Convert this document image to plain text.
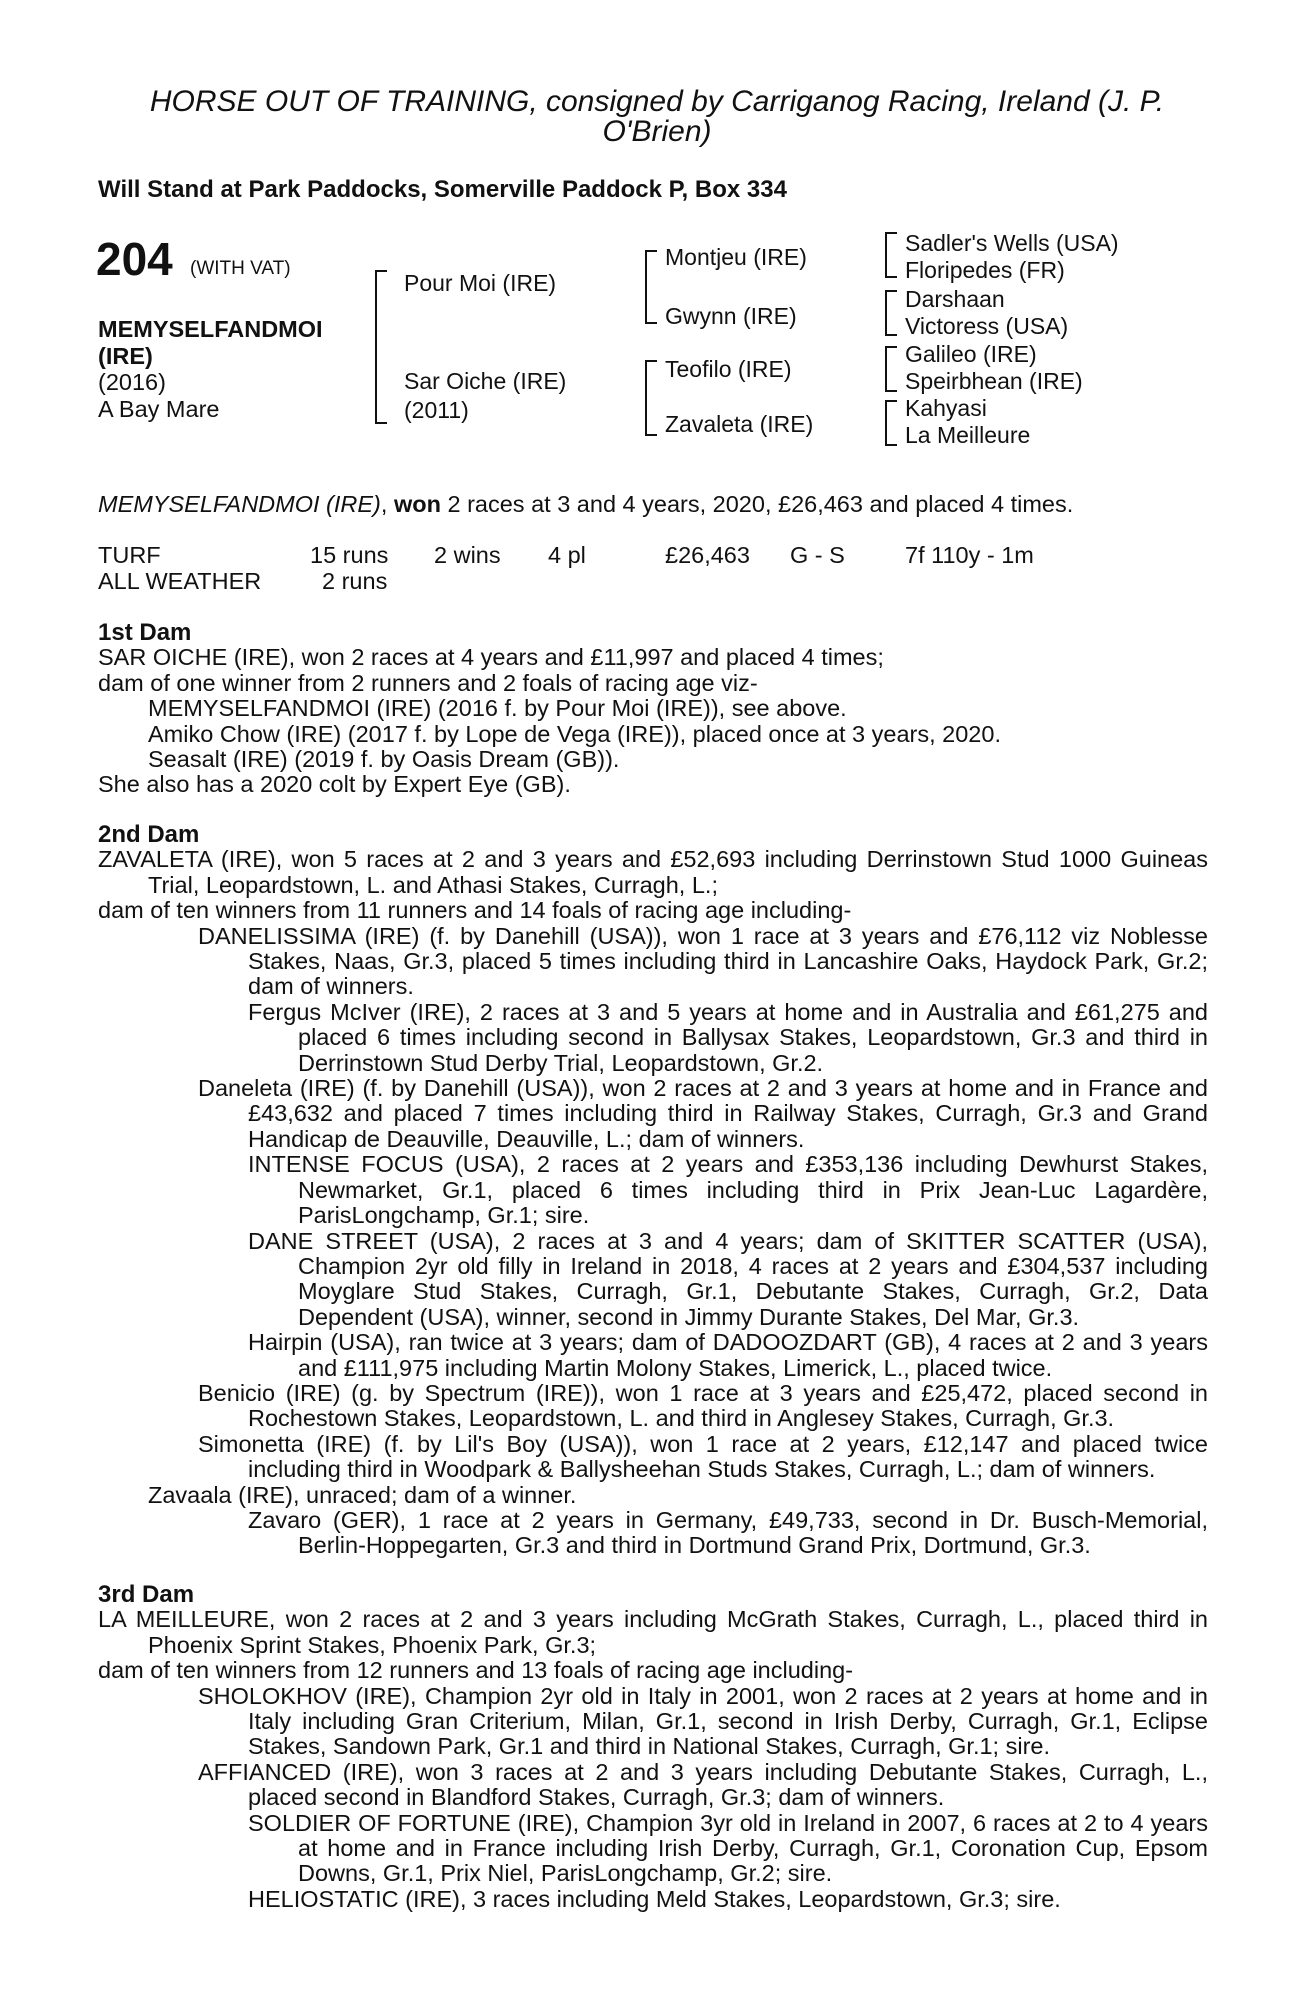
HORSE OUT OF TRAINING, consigned by Carriganog Racing, Ireland (J. P.
O'Brien)
Will Stand at Park Paddocks, Somerville Paddock P, Box 334
204 (WITH VAT)
MEMYSELFANDMOI
(IRE)
(2016)
A Bay Mare
Pour Moi (IRE)
Sar Oiche (IRE)
(2011)
Montjeu (IRE)
Gwynn (IRE)
Teofilo (IRE)
Zavaleta (IRE)
Sadler's Wells (USA)
Floripedes (FR)
Darshaan
Victoress (USA)
Galileo (IRE)
Speirbhean (IRE)
Kahyasi
La Meilleure
MEMYSELFANDMOI (IRE), won 2 races at 3 and 4 years, 2020, £26,463 and placed 4 times.
TURF	15 runs 2 wins 4 pl	£26,463 G - S	7f 110y - 1m
ALL WEATHER	2 runs

1st Dam

SAR OICHE (IRE), won 2 races at 4 years and £11,997 and placed 4 times;

dam of one winner from 2 runners and 2 foals of racing age viz-

MEMYSELFANDMOI (IRE) (2016 f. by Pour Moi (IRE)), see above.

Amiko Chow (IRE) (2017 f. by Lope de Vega (IRE)), placed once at 3 years, 2020.

Seasalt (IRE) (2019 f. by Oasis Dream (GB)).

She also has a 2020 colt by Expert Eye (GB).

2nd Dam

ZAVALETA (IRE), won 5 races at 2 and 3 years and £52,693 including Derrinstown Stud 1000 Guineas Trial, Leopardstown, L. and Athasi Stakes, Curragh, L.;

dam of ten winners from 11 runners and 14 foals of racing age including-

DANELISSIMA (IRE) (f. by Danehill (USA)), won 1 race at 3 years and £76,112 viz Noblesse Stakes, Naas, Gr.3, placed 5 times including third in Lancashire Oaks, Haydock Park, Gr.2; dam of winners.

Fergus McIver (IRE), 2 races at 3 and 5 years at home and in Australia and £61,275 and placed 6 times including second in Ballysax Stakes, Leopardstown, Gr.3 and third in Derrinstown Stud Derby Trial, Leopardstown, Gr.2.

Daneleta (IRE) (f. by Danehill (USA)), won 2 races at 2 and 3 years at home and in France and £43,632 and placed 7 times including third in Railway Stakes, Curragh, Gr.3 and Grand Handicap de Deauville, Deauville, L.; dam of winners.

INTENSE FOCUS (USA), 2 races at 2 years and £353,136 including Dewhurst Stakes, Newmarket, Gr.1, placed 6 times including third in Prix Jean-Luc Lagardère, ParisLongchamp, Gr.1; sire.

DANE STREET (USA), 2 races at 3 and 4 years; dam of SKITTER SCATTER (USA), Champion 2yr old filly in Ireland in 2018, 4 races at 2 years and £304,537 including Moyglare Stud Stakes, Curragh, Gr.1, Debutante Stakes, Curragh, Gr.2, Data Dependent (USA), winner, second in Jimmy Durante Stakes, Del Mar, Gr.3.

Hairpin (USA), ran twice at 3 years; dam of DADOOZDART (GB), 4 races at 2 and 3 years and £111,975 including Martin Molony Stakes, Limerick, L., placed twice.

Benicio (IRE) (g. by Spectrum (IRE)), won 1 race at 3 years and £25,472, placed second in Rochestown Stakes, Leopardstown, L. and third in Anglesey Stakes, Curragh, Gr.3.

Simonetta (IRE) (f. by Lil's Boy (USA)), won 1 race at 2 years, £12,147 and placed twice including third in Woodpark & Ballysheehan Studs Stakes, Curragh, L.; dam of winners.

Zavaala (IRE), unraced; dam of a winner.

Zavaro (GER), 1 race at 2 years in Germany, £49,733, second in Dr. Busch-Memorial, Berlin-Hoppegarten, Gr.3 and third in Dortmund Grand Prix, Dortmund, Gr.3.

3rd Dam

LA MEILLEURE, won 2 races at 2 and 3 years including McGrath Stakes, Curragh, L., placed third in Phoenix Sprint Stakes, Phoenix Park, Gr.3;

dam of ten winners from 12 runners and 13 foals of racing age including-

SHOLOKHOV (IRE), Champion 2yr old in Italy in 2001, won 2 races at 2 years at home and in Italy including Gran Criterium, Milan, Gr.1, second in Irish Derby, Curragh, Gr.1, Eclipse Stakes, Sandown Park, Gr.1 and third in National Stakes, Curragh, Gr.1; sire.

AFFIANCED (IRE), won 3 races at 2 and 3 years including Debutante Stakes, Curragh, L., placed second in Blandford Stakes, Curragh, Gr.3; dam of winners.

SOLDIER OF FORTUNE (IRE), Champion 3yr old in Ireland in 2007, 6 races at 2 to 4 years at home and in France including Irish Derby, Curragh, Gr.1, Coronation Cup, Epsom Downs, Gr.1, Prix Niel, ParisLongchamp, Gr.2; sire.

HELIOSTATIC (IRE), 3 races including Meld Stakes, Leopardstown, Gr.3; sire.
